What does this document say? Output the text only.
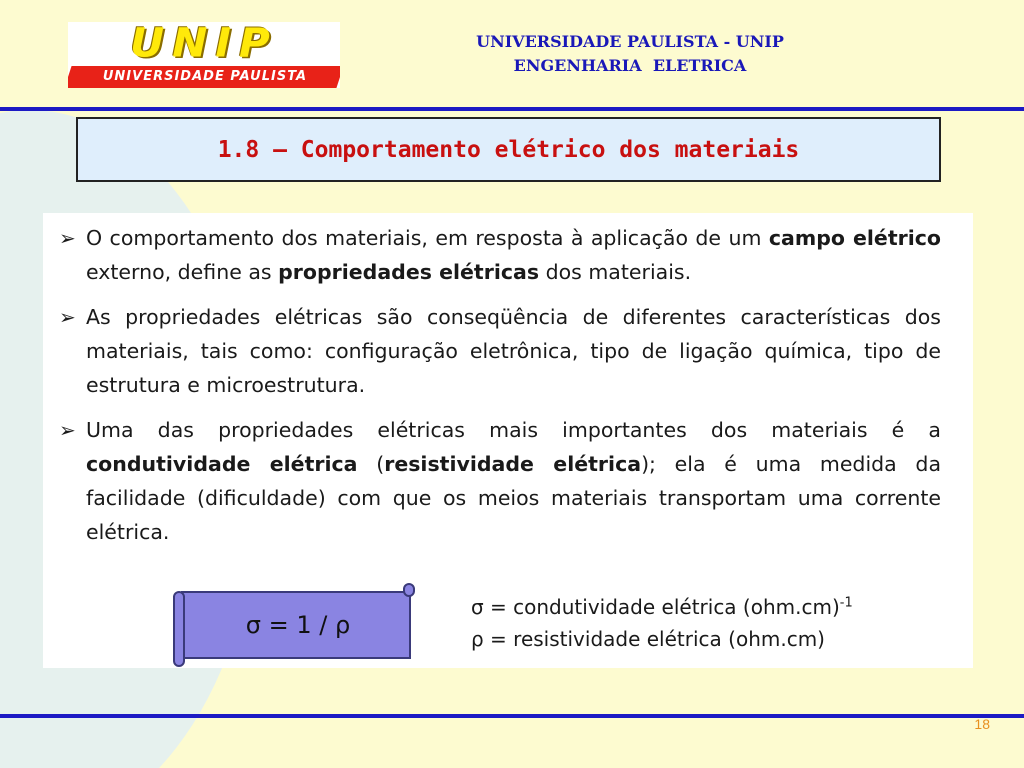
UNIP
UNIVERSIDADE PAULISTA
UNIVERSIDADE PAULISTA - UNIP
ENGENHARIA  ELETRICA
1.8 – Comportamento elétrico dos materiais
➢ O comportamento dos materiais, em resposta à aplicação de um campo elétrico externo, define as propriedades elétricas dos materiais.
➢ As propriedades elétricas são conseqüência de diferentes características dos materiais, tais como: configuração eletrônica, tipo de ligação química, tipo de estrutura e microestrutura.
➢ Uma das propriedades elétricas mais importantes dos materiais é a condutividade elétrica (resistividade elétrica); ela é uma medida da facilidade (dificuldade) com que os meios materiais transportam uma corrente elétrica.
σ = 1 / ρ
σ = condutividade elétrica $(ohm.cm)^{-1}$
ρ = resistividade elétrica (ohm.cm)
18
